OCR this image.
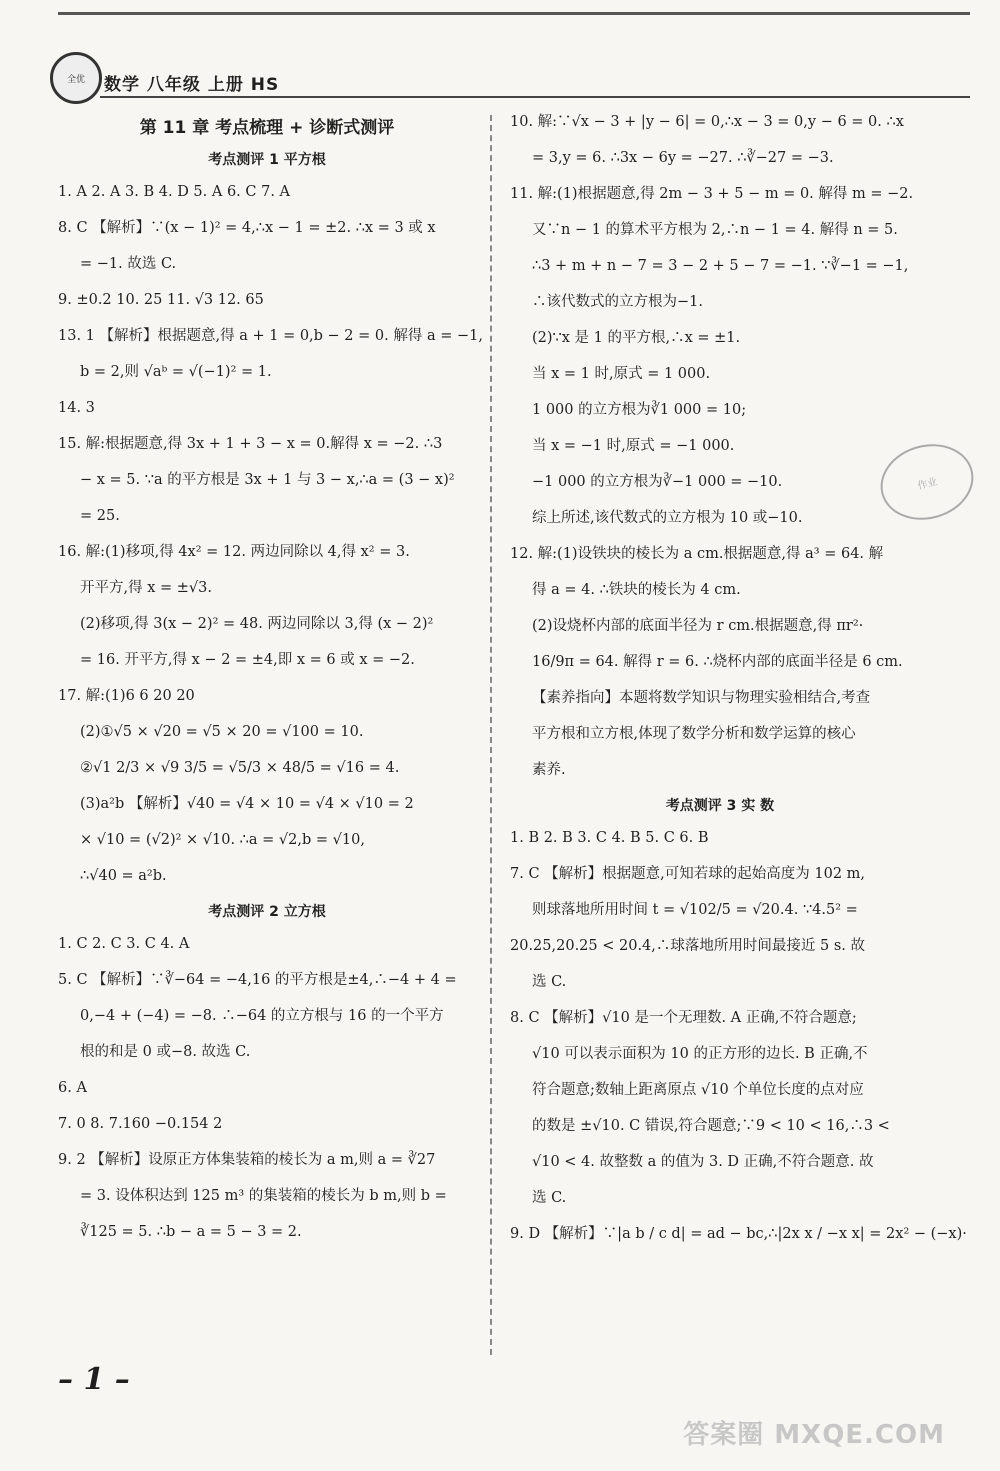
全优 数学 八年级 上册 HS
第 11 章 考点梳理 + 诊断式测评
考点测评 1 平方根
1. A 2. A 3. B 4. D 5. A 6. C 7. A
8. C 【解析】∵(x − 1)² = 4,∴x − 1 = ±2. ∴x = 3 或 x
= −1. 故选 C.
9. ±0.2 10. 25 11. √3 12. 65
13. 1 【解析】根据题意,得 a + 1 = 0,b − 2 = 0. 解得 a = −1,
b = 2,则 √aᵇ = √(−1)² = 1.
14. 3
15. 解:根据题意,得 3x + 1 + 3 − x = 0.解得 x = −2. ∴3
− x = 5. ∵a 的平方根是 3x + 1 与 3 − x,∴a = (3 − x)²
= 25.
16. 解:(1)移项,得 4x² = 12. 两边同除以 4,得 x² = 3.
开平方,得 x = ±√3.
(2)移项,得 3(x − 2)² = 48. 两边同除以 3,得 (x − 2)²
= 16. 开平方,得 x − 2 = ±4,即 x = 6 或 x = −2.
17. 解:(1)6 6 20 20
(2)①√5 × √20 = √5 × 20 = √100 = 10.
②√1 2/3 × √9 3/5 = √5/3 × 48/5 = √16 = 4.
(3)a²b 【解析】√40 = √4 × 10 = √4 × √10 = 2
× √10 = (√2)² × √10. ∴a = √2,b = √10,
∴√40 = a²b.
考点测评 2 立方根
1. C 2. C 3. C 4. A
5. C 【解析】∵∛−64 = −4,16 的平方根是±4,∴−4 + 4 =
0,−4 + (−4) = −8. ∴−64 的立方根与 16 的一个平方
根的和是 0 或−8. 故选 C.
6. A
7. 0 8. 7.160 −0.154 2
9. 2 【解析】设原正方体集装箱的棱长为 a m,则 a = ∛27
= 3. 设体积达到 125 m³ 的集装箱的棱长为 b m,则 b =
∛125 = 5. ∴b − a = 5 − 3 = 2.
10. 解:∵√x − 3 + |y − 6| = 0,∴x − 3 = 0,y − 6 = 0. ∴x
= 3,y = 6. ∴3x − 6y = −27. ∴∛−27 = −3.
11. 解:(1)根据题意,得 2m − 3 + 5 − m = 0. 解得 m = −2.
又∵n − 1 的算术平方根为 2,∴n − 1 = 4. 解得 n = 5.
∴3 + m + n − 7 = 3 − 2 + 5 − 7 = −1. ∵∛−1 = −1,
∴该代数式的立方根为−1.
(2)∵x 是 1 的平方根,∴x = ±1.
当 x = 1 时,原式 = 1 000.
1 000 的立方根为∛1 000 = 10;
当 x = −1 时,原式 = −1 000.
−1 000 的立方根为∛−1 000 = −10.
综上所述,该代数式的立方根为 10 或−10.
12. 解:(1)设铁块的棱长为 a cm.根据题意,得 a³ = 64. 解
得 a = 4. ∴铁块的棱长为 4 cm.
(2)设烧杯内部的底面半径为 r cm.根据题意,得 πr²·
16/9π = 64. 解得 r = 6. ∴烧杯内部的底面半径是 6 cm.
【素养指向】本题将数学知识与物理实验相结合,考查
平方根和立方根,体现了数学分析和数学运算的核心
素养.
考点测评 3 实 数
1. B 2. B 3. C 4. B 5. C 6. B
7. C 【解析】根据题意,可知若球的起始高度为 102 m,
则球落地所用时间 t = √102/5 = √20.4. ∵4.5² =
20.25,20.25 < 20.4,∴球落地所用时间最接近 5 s. 故
选 C.
8. C 【解析】√10 是一个无理数. A 正确,不符合题意;
√10 可以表示面积为 10 的正方形的边长. B 正确,不
符合题意;数轴上距离原点 √10 个单位长度的点对应
的数是 ±√10. C 错误,符合题意;∵9 < 10 < 16,∴3 <
√10 < 4. 故整数 a 的值为 3. D 正确,不符合题意. 故
选 C.
9. D 【解析】∵|a b / c d| = ad − bc,∴|2x x / −x x| = 2x² − (−x)·
作业
– 1 –
答案圈 MXQE.COM
